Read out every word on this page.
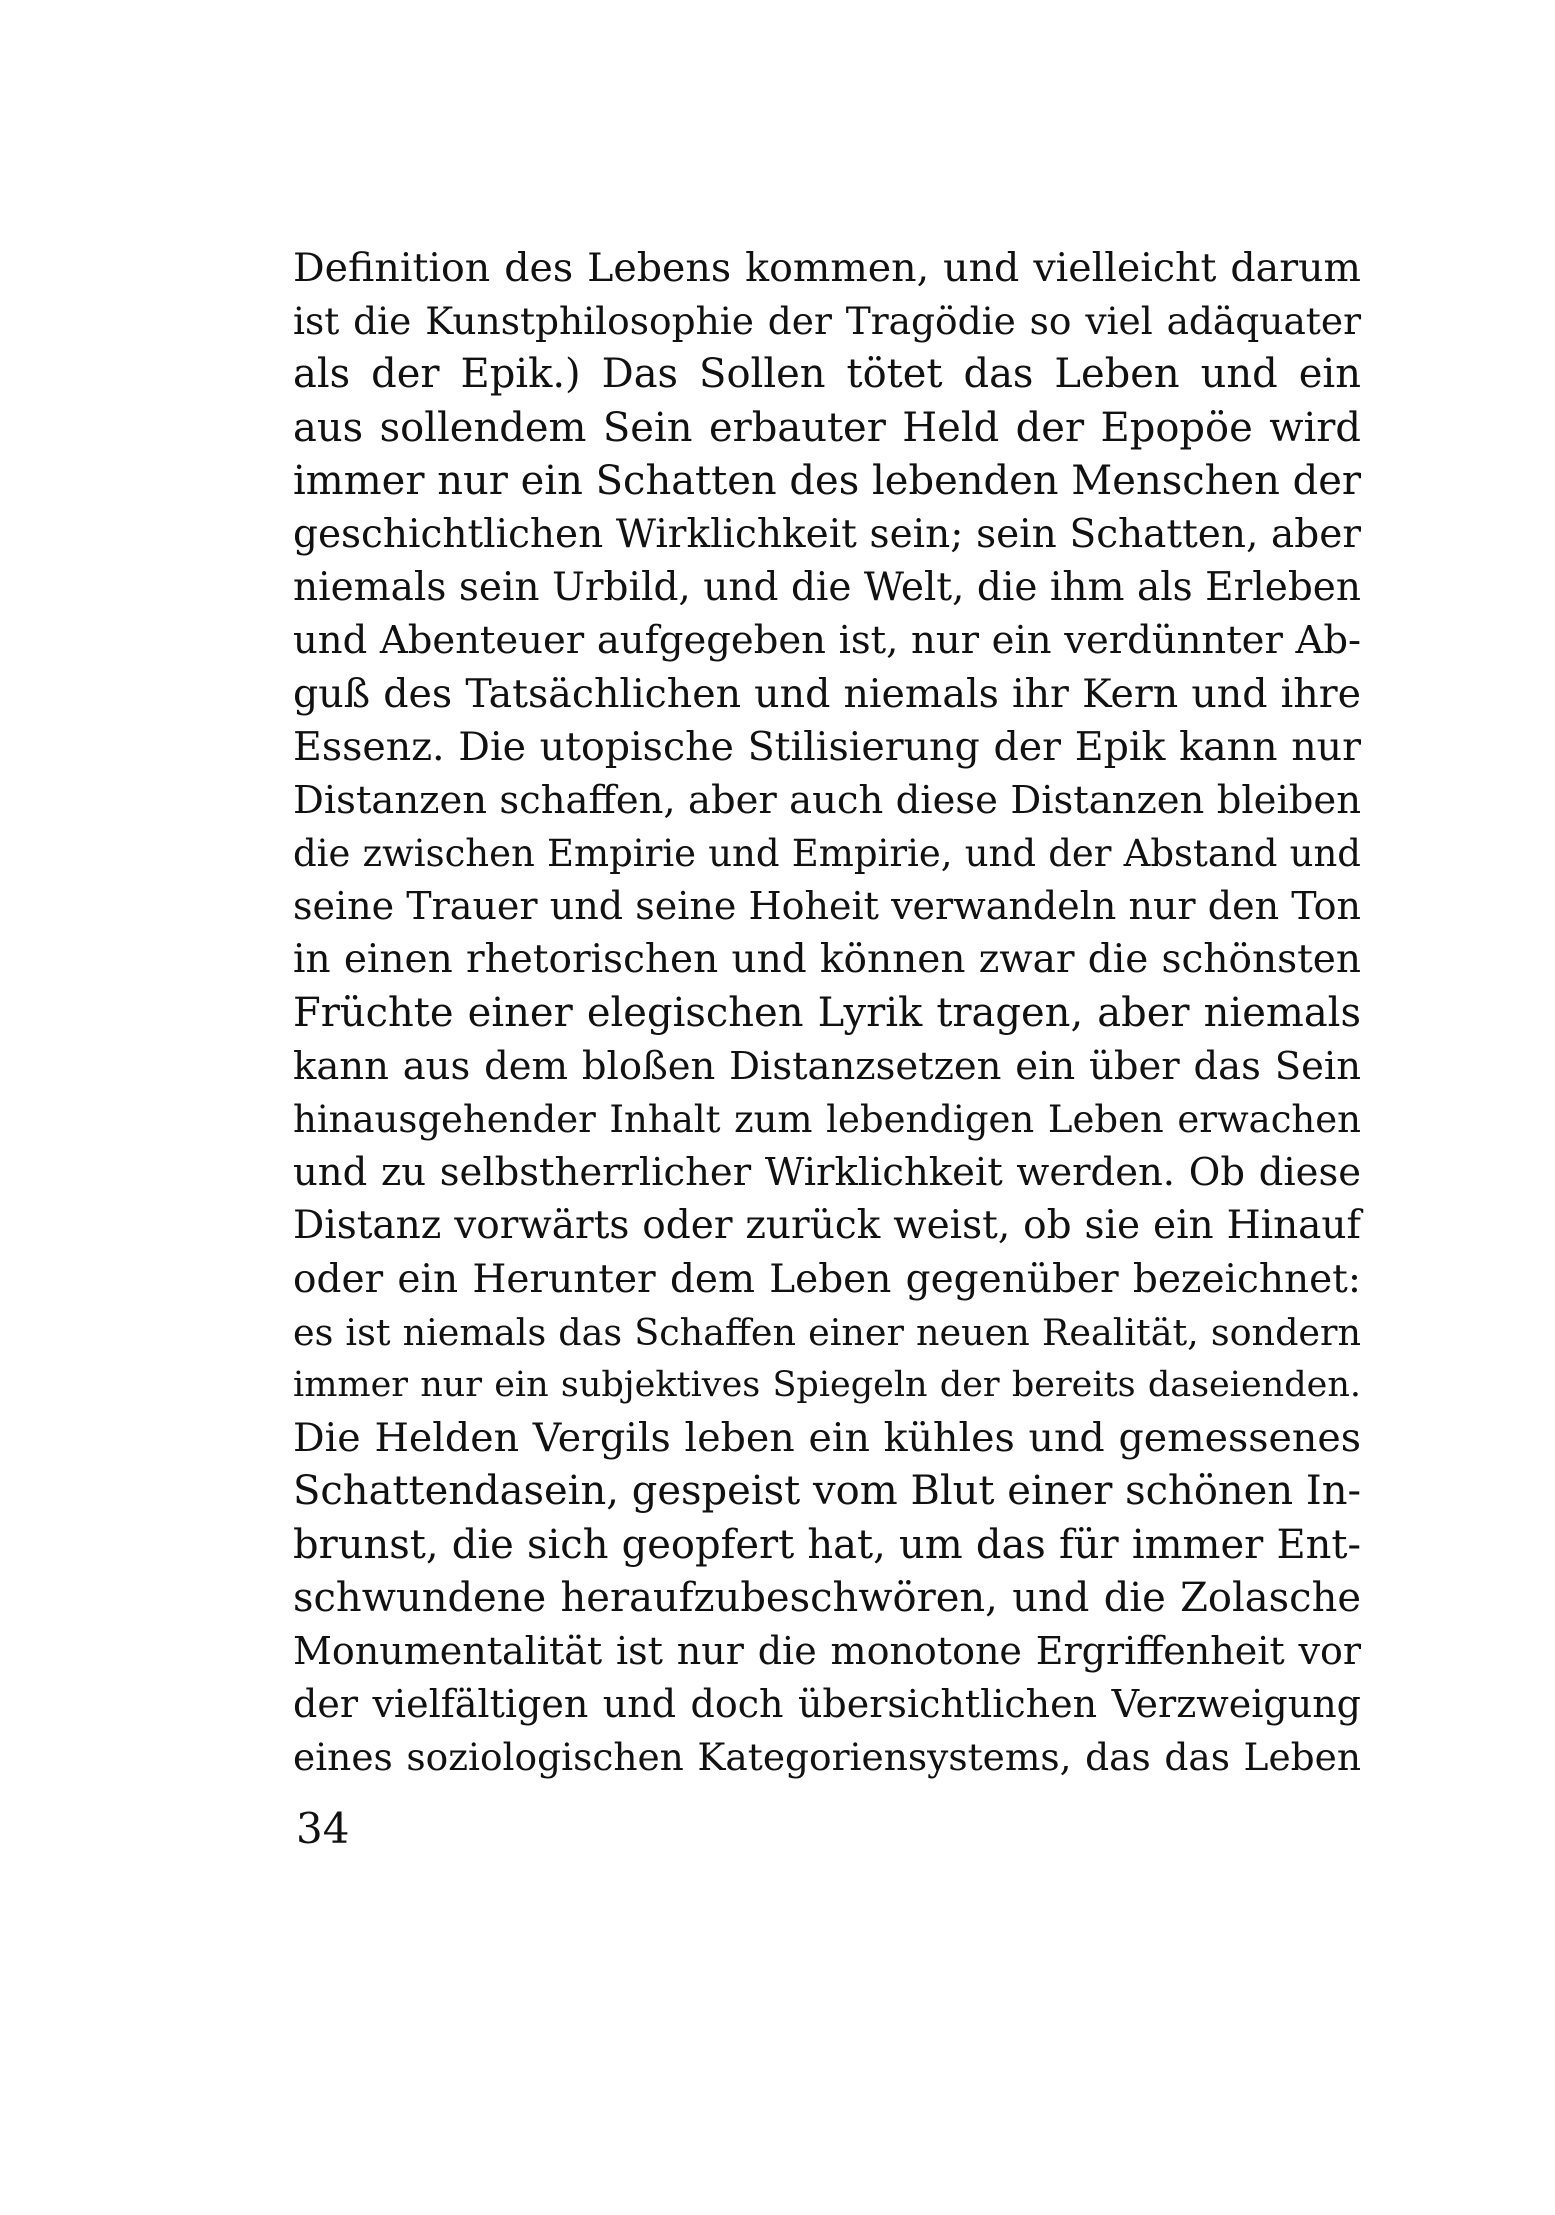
Definition des Lebens kommen, und vielleicht darum
ist die Kunstphilosophie der Tragödie so viel adäquater
als der Epik.) Das Sollen tötet das Leben und ein
aus sollendem Sein erbauter Held der Epopöe wird
immer nur ein Schatten des lebenden Menschen der
geschichtlichen Wirklichkeit sein; sein Schatten, aber
niemals sein Urbild, und die Welt, die ihm als Erleben
und Abenteuer aufgegeben ist, nur ein verdünnter Ab-
guß des Tatsächlichen und niemals ihr Kern und ihre
Essenz. Die utopische Stilisierung der Epik kann nur
Distanzen schaffen, aber auch diese Distanzen bleiben
die zwischen Empirie und Empirie, und der Abstand und
seine Trauer und seine Hoheit verwandeln nur den Ton
in einen rhetorischen und können zwar die schönsten
Früchte einer elegischen Lyrik tragen, aber niemals
kann aus dem bloßen Distanzsetzen ein über das Sein
hinausgehender Inhalt zum lebendigen Leben erwachen
und zu selbstherrlicher Wirklichkeit werden. Ob diese
Distanz vorwärts oder zurück weist, ob sie ein Hinauf
oder ein Herunter dem Leben gegenüber bezeichnet:
es ist niemals das Schaffen einer neuen Realität, sondern
immer nur ein subjektives Spiegeln der bereits daseienden.
Die Helden Vergils leben ein kühles und gemessenes
Schattendasein, gespeist vom Blut einer schönen In-
brunst, die sich geopfert hat, um das für immer Ent-
schwundene heraufzubeschwören, und die Zolasche
Monumentalität ist nur die monotone Ergriffenheit vor
der vielfältigen und doch übersichtlichen Verzweigung
eines soziologischen Kategoriensystems, das das Leben
34
